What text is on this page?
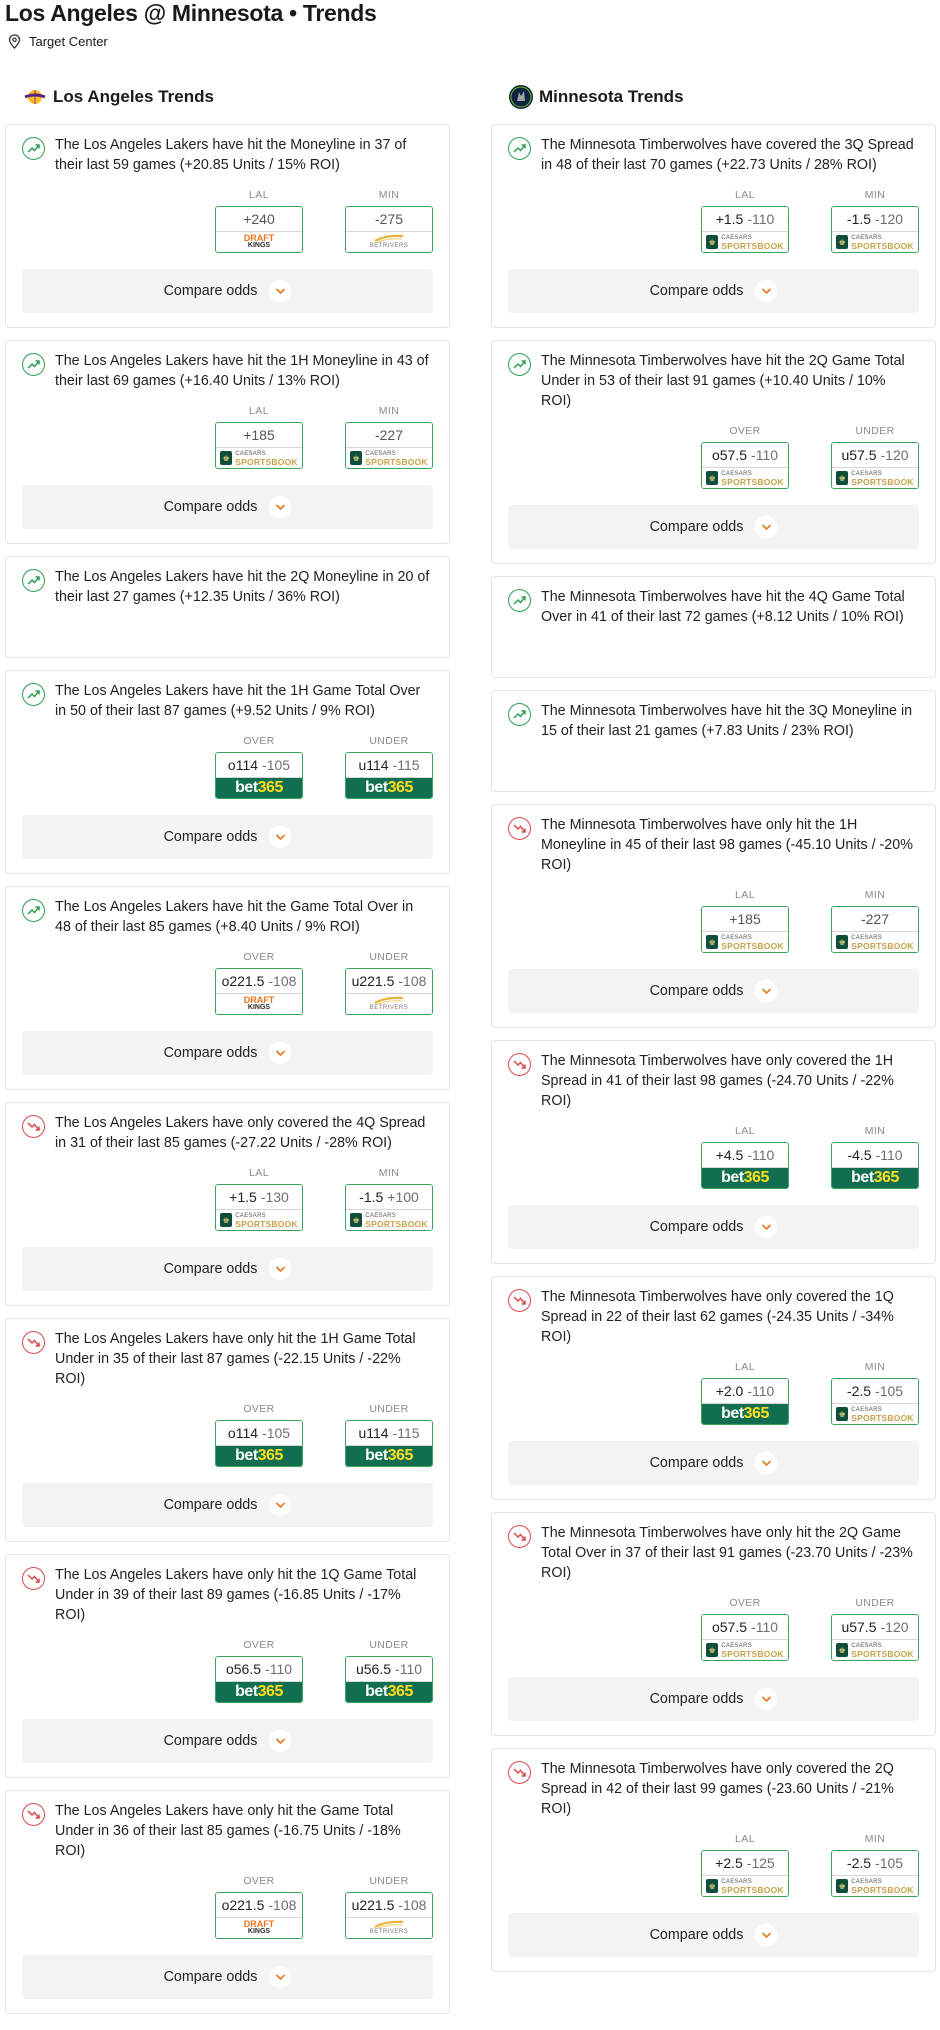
Los Angeles @ Minnesota • Trends
Target Center
Los Angeles Trends
The Los Angeles Lakers have hit the Moneyline in 37 of their last 59 games (+20.85 Units / 15% ROI)
LAL
+240
DRAFT
KINGS
MIN
-275
BETRIVERS
Compare odds
The Los Angeles Lakers have hit the 1H Moneyline in 43 of their last 69 games (+16.40 Units / 13% ROI)
LAL
+185
♚ CAESARS
SPORTSBOOK
MIN
-227
♚ CAESARS
SPORTSBOOK
Compare odds
The Los Angeles Lakers have hit the 2Q Moneyline in 20 of their last 27 games (+12.35 Units / 36% ROI)
The Los Angeles Lakers have hit the 1H Game Total Over in 50 of their last 87 games (+9.52 Units / 9% ROI)
OVER
o114 -105
bet 365
UNDER
u114 -115
bet 365
Compare odds
The Los Angeles Lakers have hit the Game Total Over in 48 of their last 85 games (+8.40 Units / 9% ROI)
OVER
o221.5 -108
DRAFT
KINGS
UNDER
u221.5 -108
BETRIVERS
Compare odds
The Los Angeles Lakers have only covered the 4Q Spread in 31 of their last 85 games (-27.22 Units / -28% ROI)
LAL
+1.5 -130
♚ CAESARS
SPORTSBOOK
MIN
-1.5 +100
♚ CAESARS
SPORTSBOOK
Compare odds
The Los Angeles Lakers have only hit the 1H Game Total Under in 35 of their last 87 games (-22.15 Units / -22% ROI)
OVER
o114 -105
bet 365
UNDER
u114 -115
bet 365
Compare odds
The Los Angeles Lakers have only hit the 1Q Game Total Under in 39 of their last 89 games (-16.85 Units / -17% ROI)
OVER
o56.5 -110
bet 365
UNDER
u56.5 -110
bet 365
Compare odds
The Los Angeles Lakers have only hit the Game Total Under in 36 of their last 85 games (-16.75 Units / -18% ROI)
OVER
o221.5 -108
DRAFT
KINGS
UNDER
u221.5 -108
BETRIVERS
Compare odds
Minnesota Trends
The Minnesota Timberwolves have covered the 3Q Spread in 48 of their last 70 games (+22.73 Units / 28% ROI)
LAL
+1.5 -110
♚ CAESARS
SPORTSBOOK
MIN
-1.5 -120
♚ CAESARS
SPORTSBOOK
Compare odds
The Minnesota Timberwolves have hit the 2Q Game Total Under in 53 of their last 91 games (+10.40 Units / 10% ROI)
OVER
o57.5 -110
♚ CAESARS
SPORTSBOOK
UNDER
u57.5 -120
♚ CAESARS
SPORTSBOOK
Compare odds
The Minnesota Timberwolves have hit the 4Q Game Total Over in 41 of their last 72 games (+8.12 Units / 10% ROI)
The Minnesota Timberwolves have hit the 3Q Moneyline in 15 of their last 21 games (+7.83 Units / 23% ROI)
The Minnesota Timberwolves have only hit the 1H Moneyline in 45 of their last 98 games (-45.10 Units / -20% ROI)
LAL
+185
♚ CAESARS
SPORTSBOOK
MIN
-227
♚ CAESARS
SPORTSBOOK
Compare odds
The Minnesota Timberwolves have only covered the 1H Spread in 41 of their last 98 games (-24.70 Units / -22% ROI)
LAL
+4.5 -110
bet 365
MIN
-4.5 -110
bet 365
Compare odds
The Minnesota Timberwolves have only covered the 1Q Spread in 22 of their last 62 games (-24.35 Units / -34% ROI)
LAL
+2.0 -110
bet 365
MIN
-2.5 -105
♚ CAESARS
SPORTSBOOK
Compare odds
The Minnesota Timberwolves have only hit the 2Q Game Total Over in 37 of their last 91 games (-23.70 Units / -23% ROI)
OVER
o57.5 -110
♚ CAESARS
SPORTSBOOK
UNDER
u57.5 -120
♚ CAESARS
SPORTSBOOK
Compare odds
The Minnesota Timberwolves have only covered the 2Q Spread in 42 of their last 99 games (-23.60 Units / -21% ROI)
LAL
+2.5 -125
♚ CAESARS
SPORTSBOOK
MIN
-2.5 -105
♚ CAESARS
SPORTSBOOK
Compare odds
